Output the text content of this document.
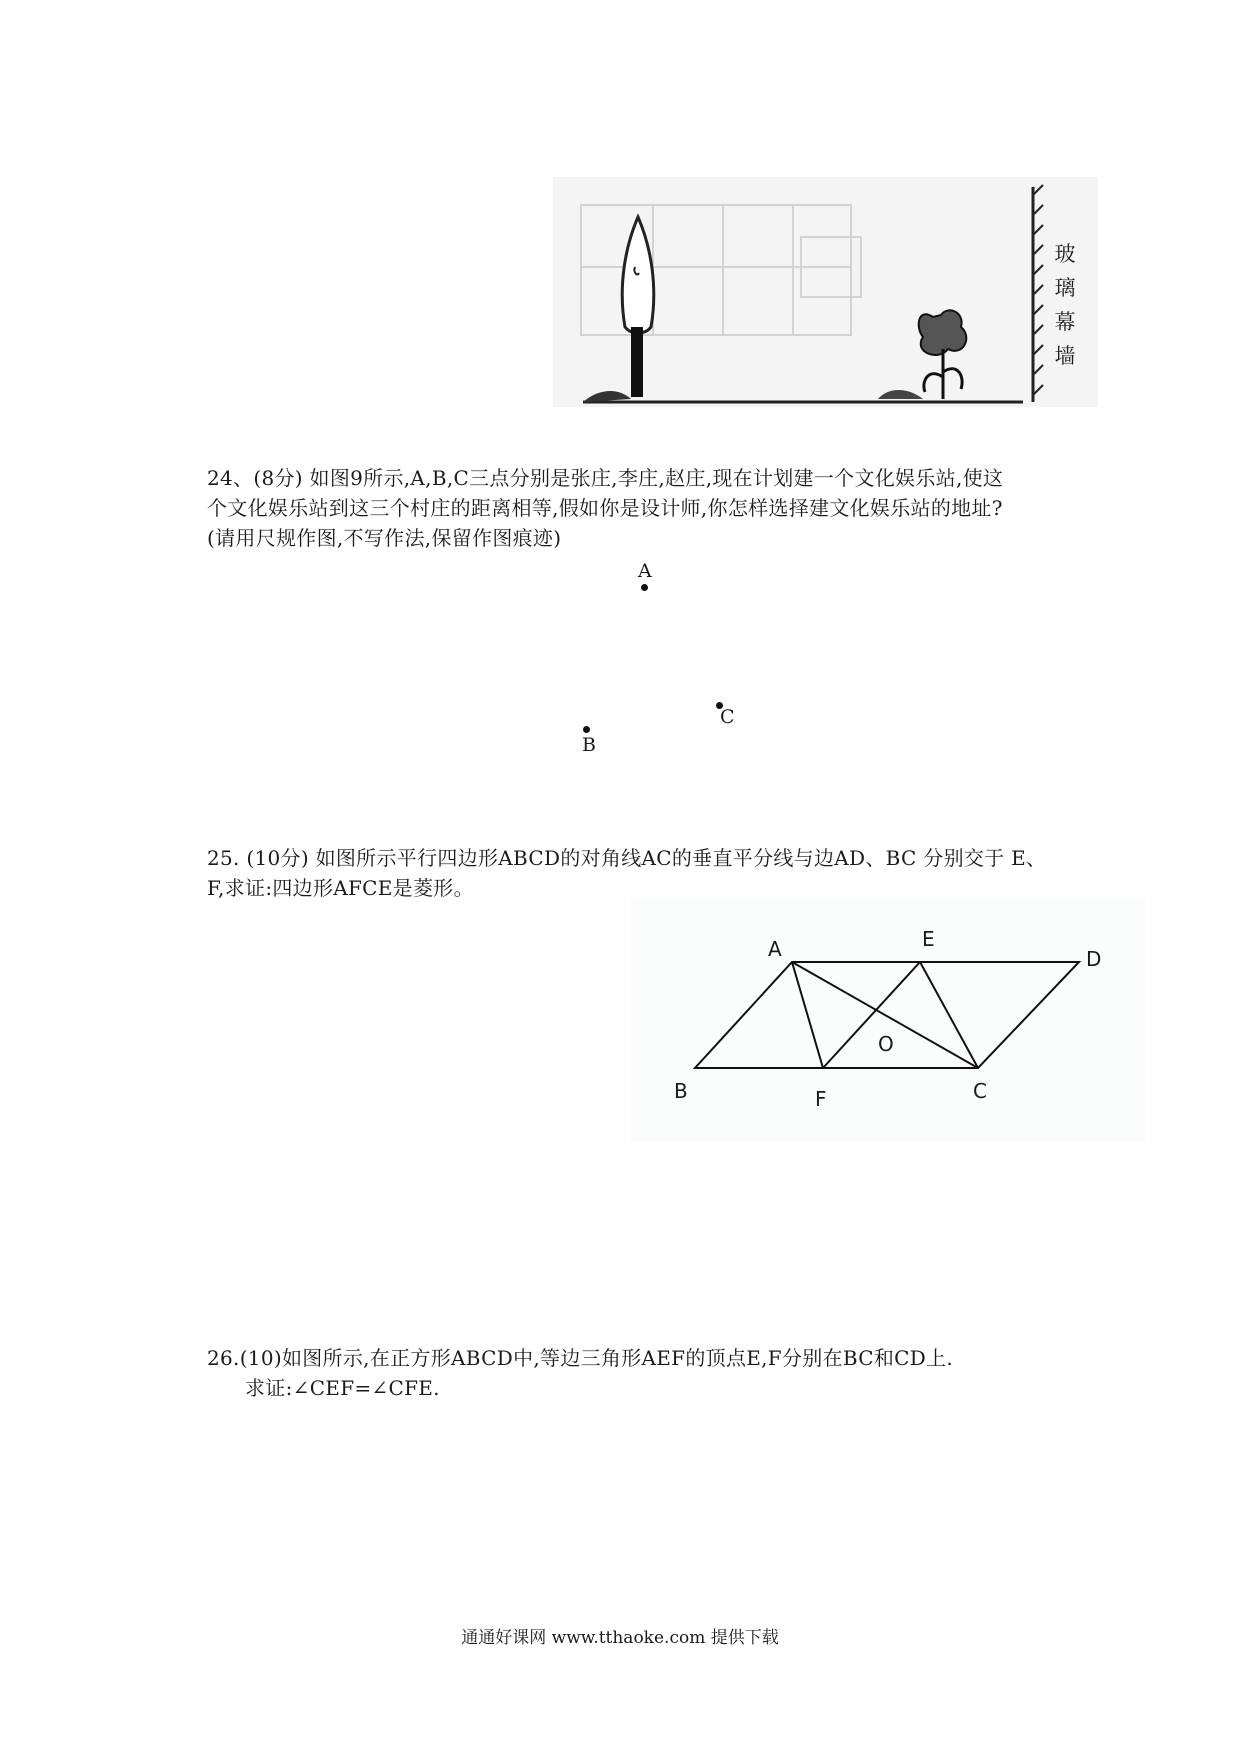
玻
璃
幕
墙
24、(8分) 如图9所示,A,B,C三点分别是张庄,李庄,赵庄,现在计划建一个文化娱乐站,使这
个文化娱乐站到这三个村庄的距离相等,假如你是设计师,你怎样选择建文化娱乐站的地址?
(请用尺规作图,不写作法,保留作图痕迹)
A
C
B
25. (10分) 如图所示平行四边形ABCD的对角线AC的垂直平分线与边AD、BC 分别交于 E、
F,求证:四边形AFCE是菱形。
A	E
D
O
B	F	C
26.(10)如图所示,在正方形ABCD中,等边三角形AEF的顶点E,F分别在BC和CD上.
求证:∠CEF=∠CFE.
通通好课网 www.tthaoke.com 提供下载
